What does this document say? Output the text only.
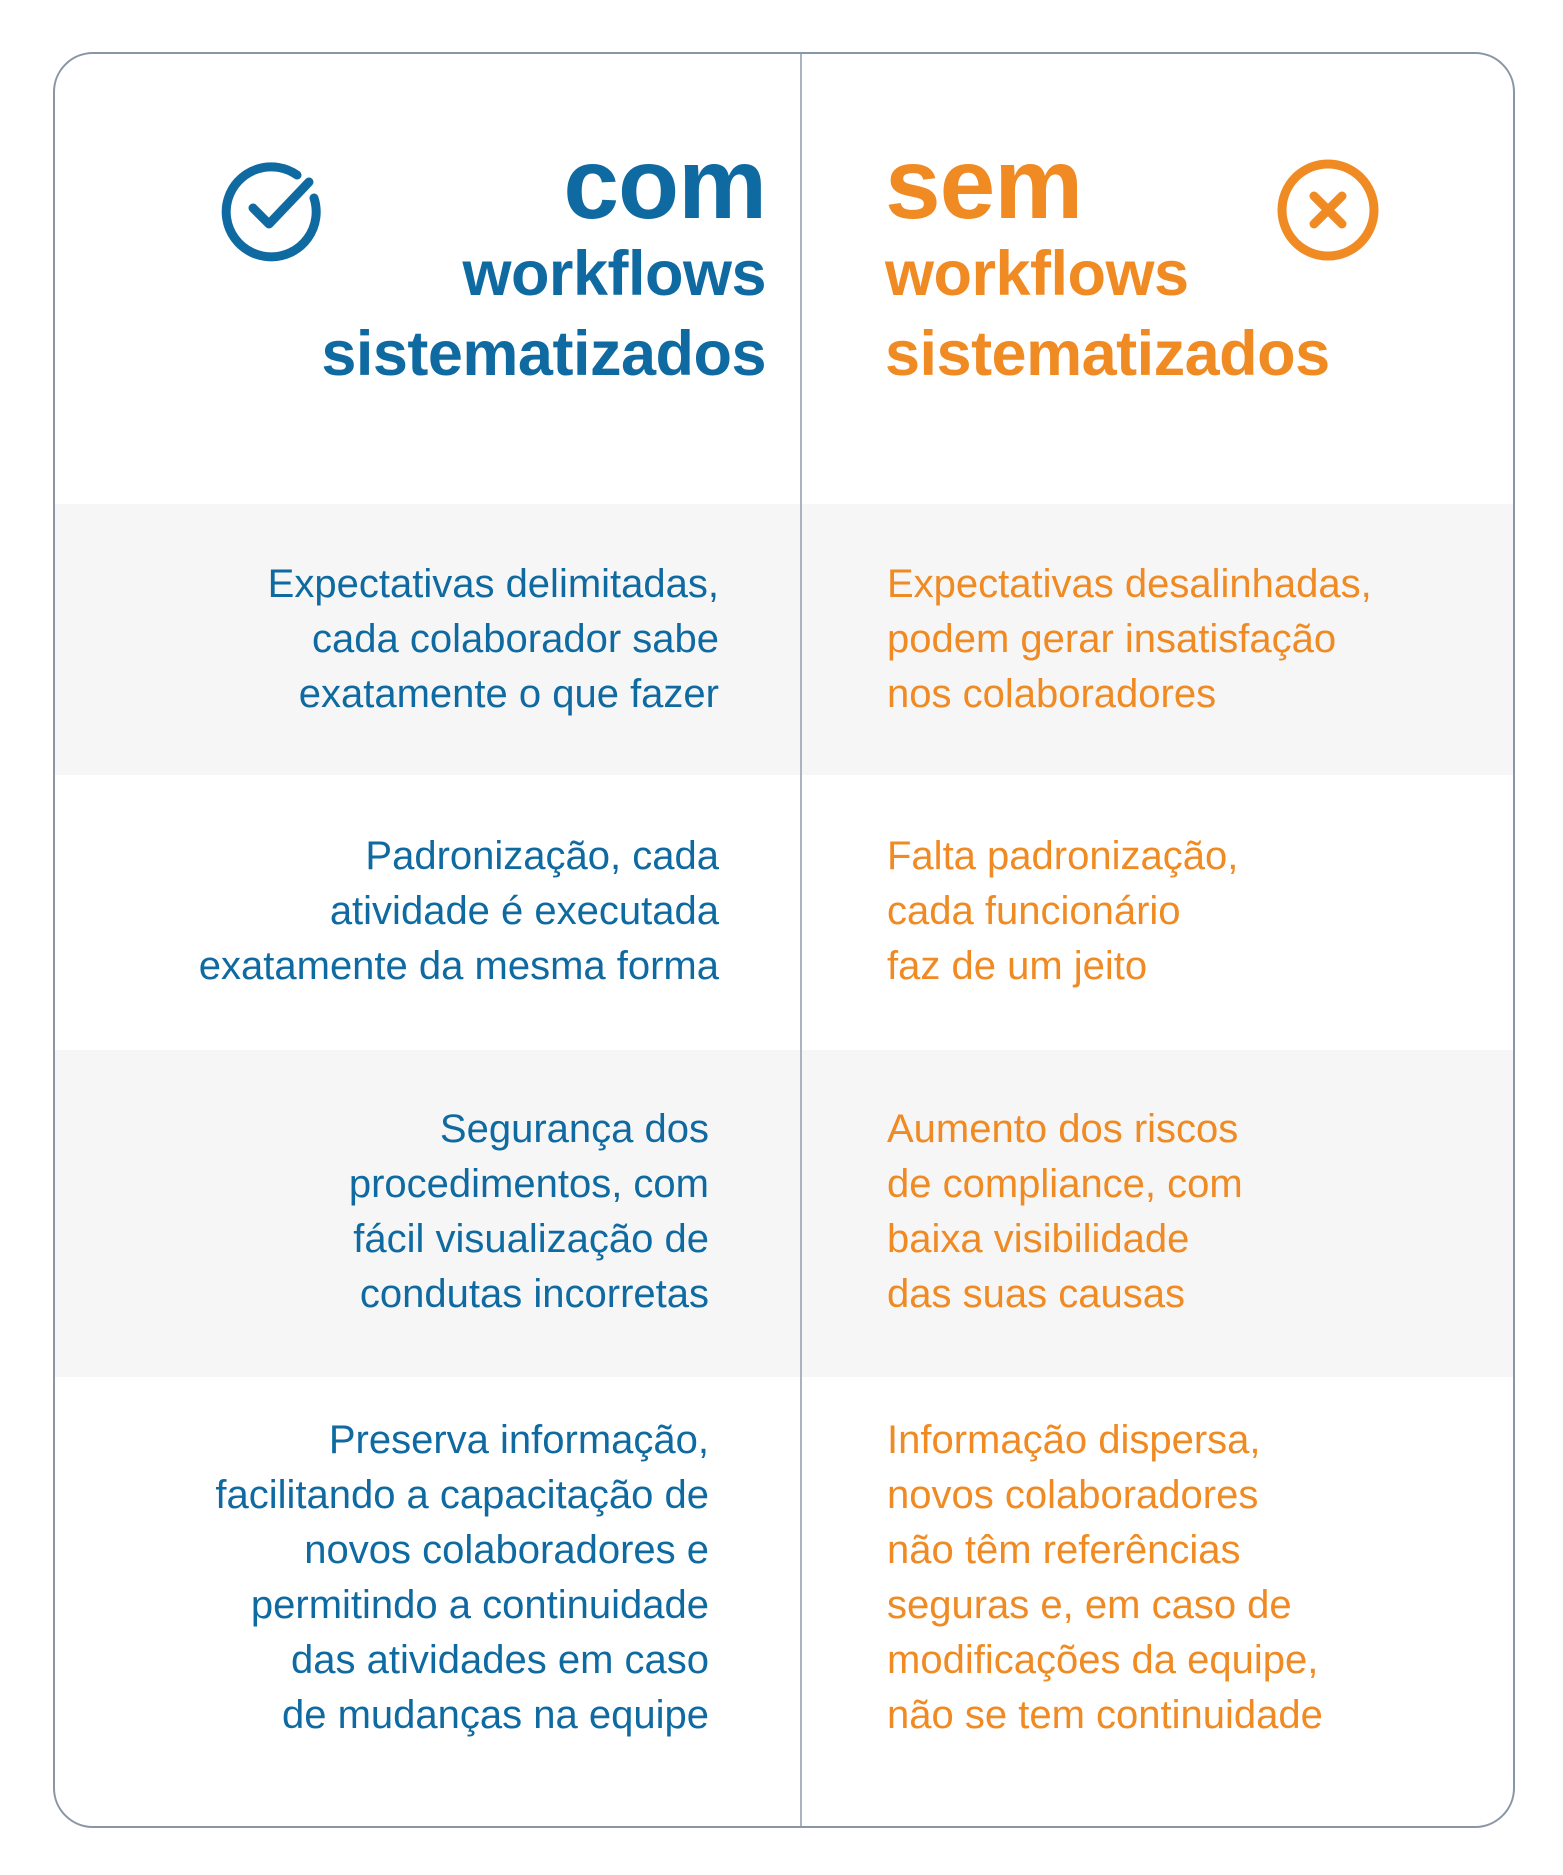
com
workflows
sistematizados
sem
workflows
sistematizados
Expectativas delimitadas,
cada colaborador sabe
exatamente o que fazer
Expectativas desalinhadas,
podem gerar insatisfação
nos colaboradores
Padronização, cada
atividade é executada
exatamente da mesma forma
Falta padronização,
cada funcionário
faz de um jeito
Segurança dos
procedimentos, com
fácil visualização de
condutas incorretas
Aumento dos riscos
de compliance, com
baixa visibilidade
das suas causas
Preserva informação,
facilitando a capacitação de
novos colaboradores e
permitindo a continuidade
das atividades em caso
de mudanças na equipe
Informação dispersa,
novos colaboradores
não têm referências
seguras e, em caso de
modificações da equipe,
não se tem continuidade
